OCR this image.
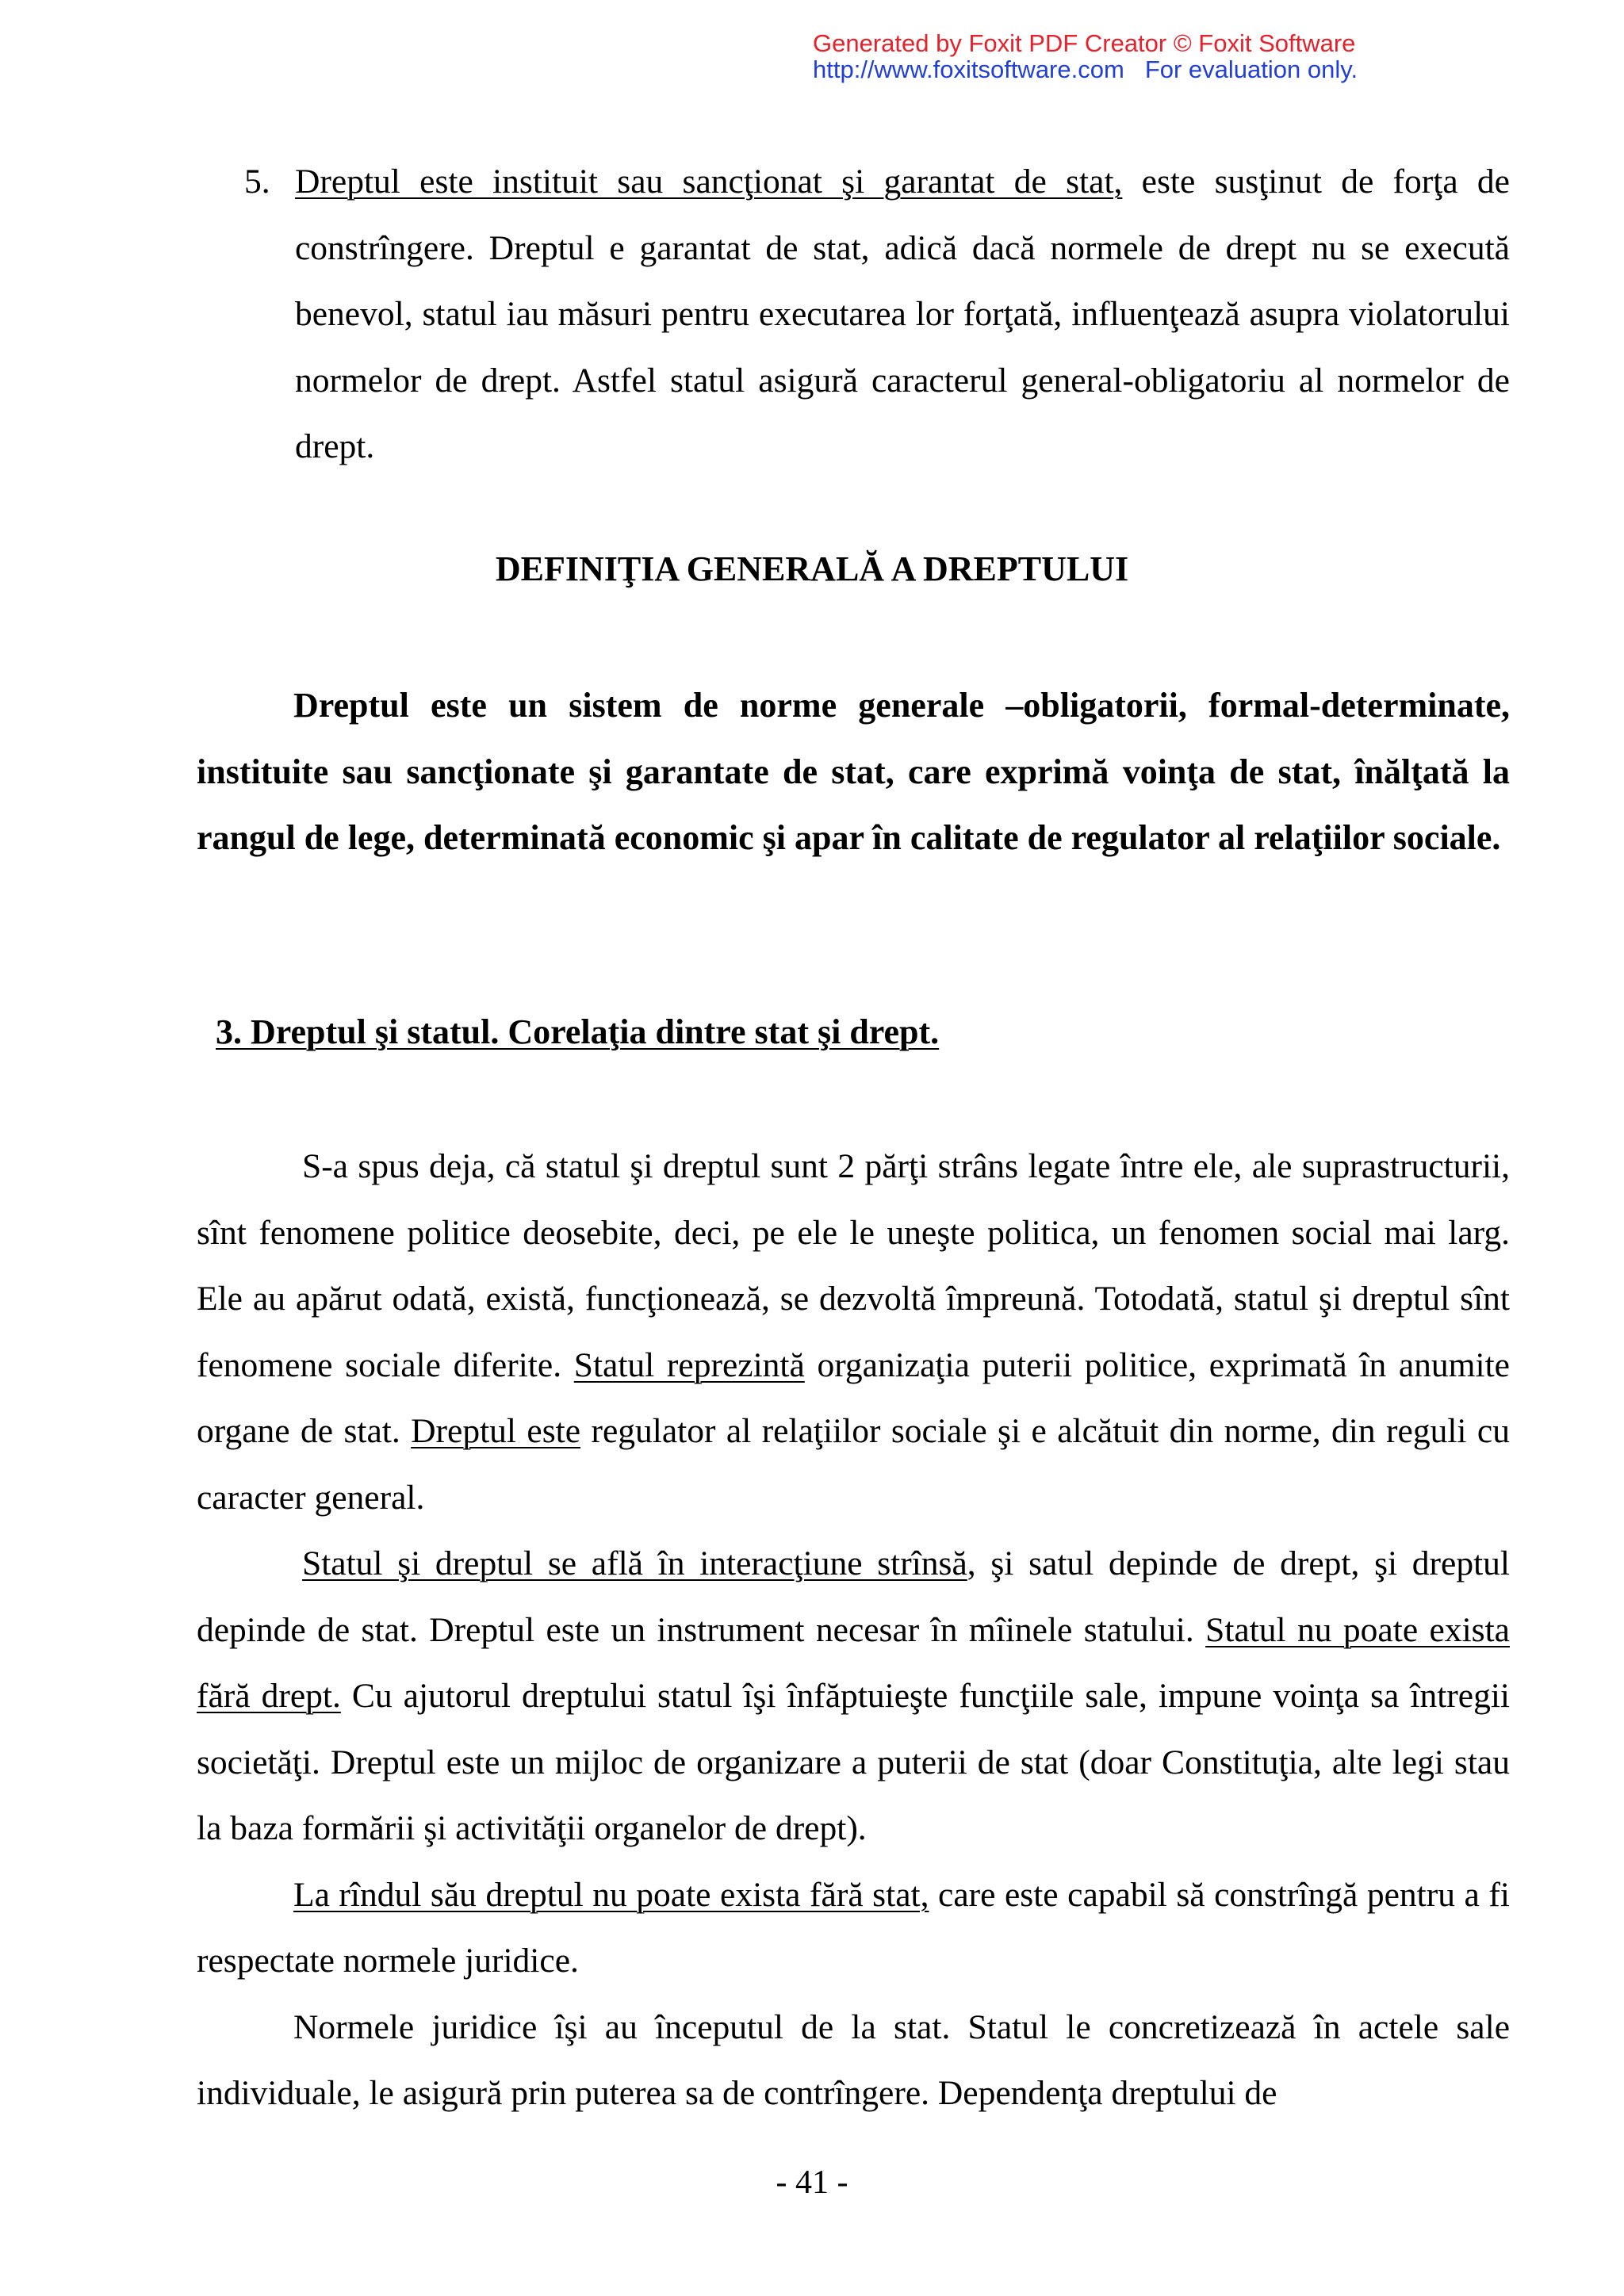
Generated by Foxit PDF Creator © Foxit Software
http://www.foxitsoftware.com For evaluation only.

5. Dreptul este instituit sau sancţionat şi garantat de stat, este susţinut de forţa de constrîngere. Dreptul e garantat de stat, adică dacă normele de drept nu se execută benevol, statul iau măsuri pentru executarea lor forţată, influenţează asupra violatorului normelor de drept. Astfel statul asigură caracterul general-obligatoriu al normelor de drept.

DEFINIŢIA GENERALĂ A DREPTULUI

Dreptul este un sistem de norme generale –obligatorii, formal-determinate, instituite sau sancţionate şi garantate de stat, care exprimă voinţa de stat, înălţată la rangul de lege, determinată economic şi apar în calitate de regulator al relaţiilor sociale.

3. Dreptul şi statul. Corelaţia dintre stat şi drept.

S-a spus deja, că statul şi dreptul sunt 2 părţi strâns legate între ele, ale suprastructurii, sînt fenomene politice deosebite, deci, pe ele le uneşte politica, un fenomen social mai larg. Ele au apărut odată, există, funcţionează, se dezvoltă împreună. Totodată, statul şi dreptul sînt fenomene sociale diferite. Statul reprezintă organizaţia puterii politice, exprimată în anumite organe de stat. Dreptul este regulator al relaţiilor sociale şi e alcătuit din norme, din reguli cu caracter general.

Statul şi dreptul se află în interacţiune strînsă, şi satul depinde de drept, şi dreptul depinde de stat. Dreptul este un instrument necesar în mîinele statului. Statul nu poate exista fără drept. Cu ajutorul dreptului statul îşi înfăptuieşte funcţiile sale, impune voinţa sa întregii societăţi. Dreptul este un mijloc de organizare a puterii de stat (doar Constituţia, alte legi stau la baza formării şi activităţii organelor de drept).

La rîndul său dreptul nu poate exista fără stat, care este capabil să constrîngă pentru a fi respectate normele juridice.

Normele juridice îşi au începutul de la stat. Statul le concretizează în actele sale individuale, le asigură prin puterea sa de contrîngere. Dependenţa dreptului de

- 41 -
